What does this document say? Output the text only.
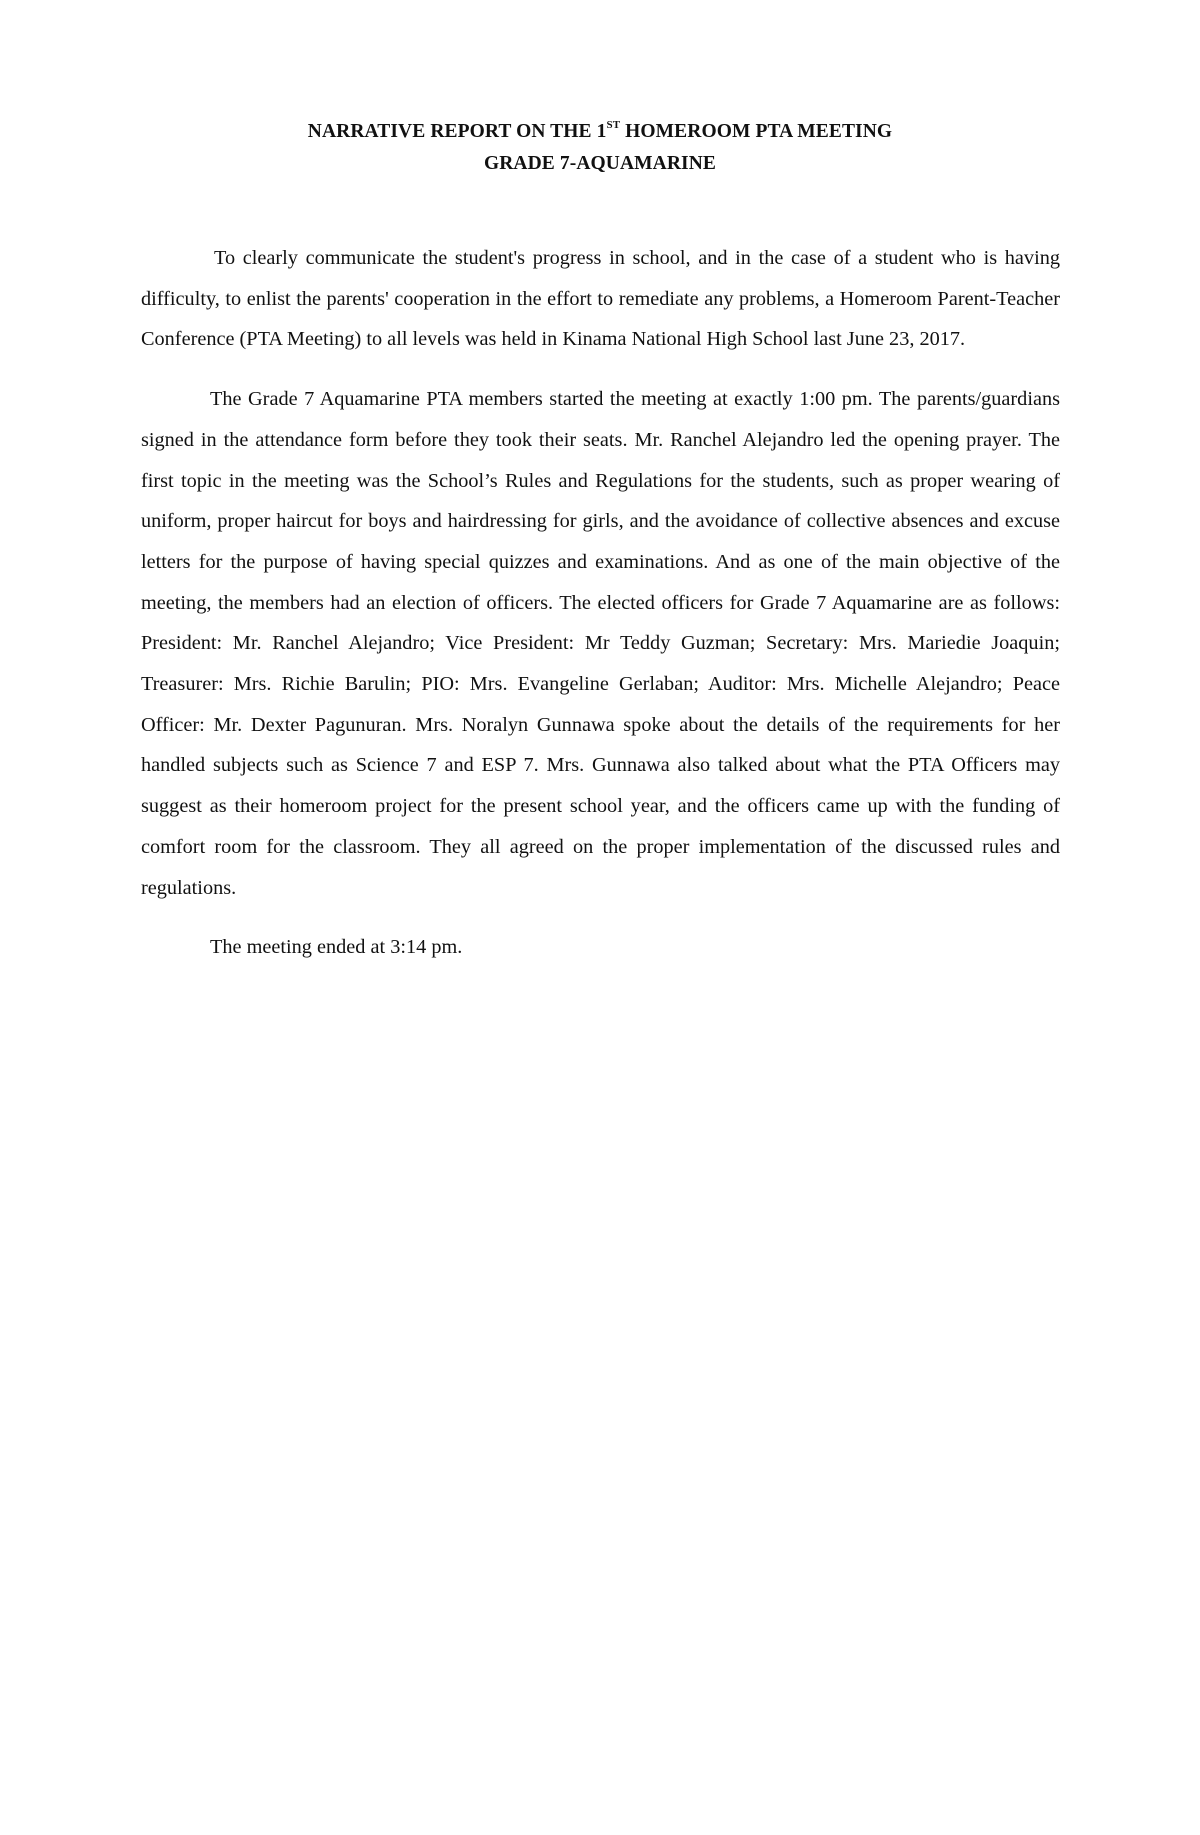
NARRATIVE REPORT ON THE 1ST HOMEROOM PTA MEETING
GRADE 7-AQUAMARINE

To clearly communicate the student's progress in school, and in the case of a student who is having difficulty, to enlist the parents' cooperation in the effort to remediate any problems, a Homeroom Parent-Teacher Conference (PTA Meeting) to all levels was held in Kinama National High School last June 23, 2017.

The Grade 7 Aquamarine PTA members started the meeting at exactly 1:00 pm. The parents/guardians signed in the attendance form before they took their seats. Mr. Ranchel Alejandro led the opening prayer. The first topic in the meeting was the School’s Rules and Regulations for the students, such as proper wearing of uniform, proper haircut for boys and hairdressing for girls, and the avoidance of collective absences and excuse letters for the purpose of having special quizzes and examinations. And as one of the main objective of the meeting, the members had an election of officers. The elected officers for Grade 7 Aquamarine are as follows: President: Mr. Ranchel Alejandro; Vice President: Mr Teddy Guzman; Secretary: Mrs. Mariedie Joaquin; Treasurer: Mrs. Richie Barulin; PIO: Mrs. Evangeline Gerlaban; Auditor: Mrs. Michelle Alejandro; Peace Officer: Mr. Dexter Pagunuran. Mrs. Noralyn Gunnawa spoke about the details of the requirements for her handled subjects such as Science 7 and ESP 7. Mrs. Gunnawa also talked about what the PTA Officers may suggest as their homeroom project for the present school year, and the officers came up with the funding of comfort room for the classroom. They all agreed on the proper implementation of the discussed rules and regulations.

The meeting ended at 3:14 pm.
